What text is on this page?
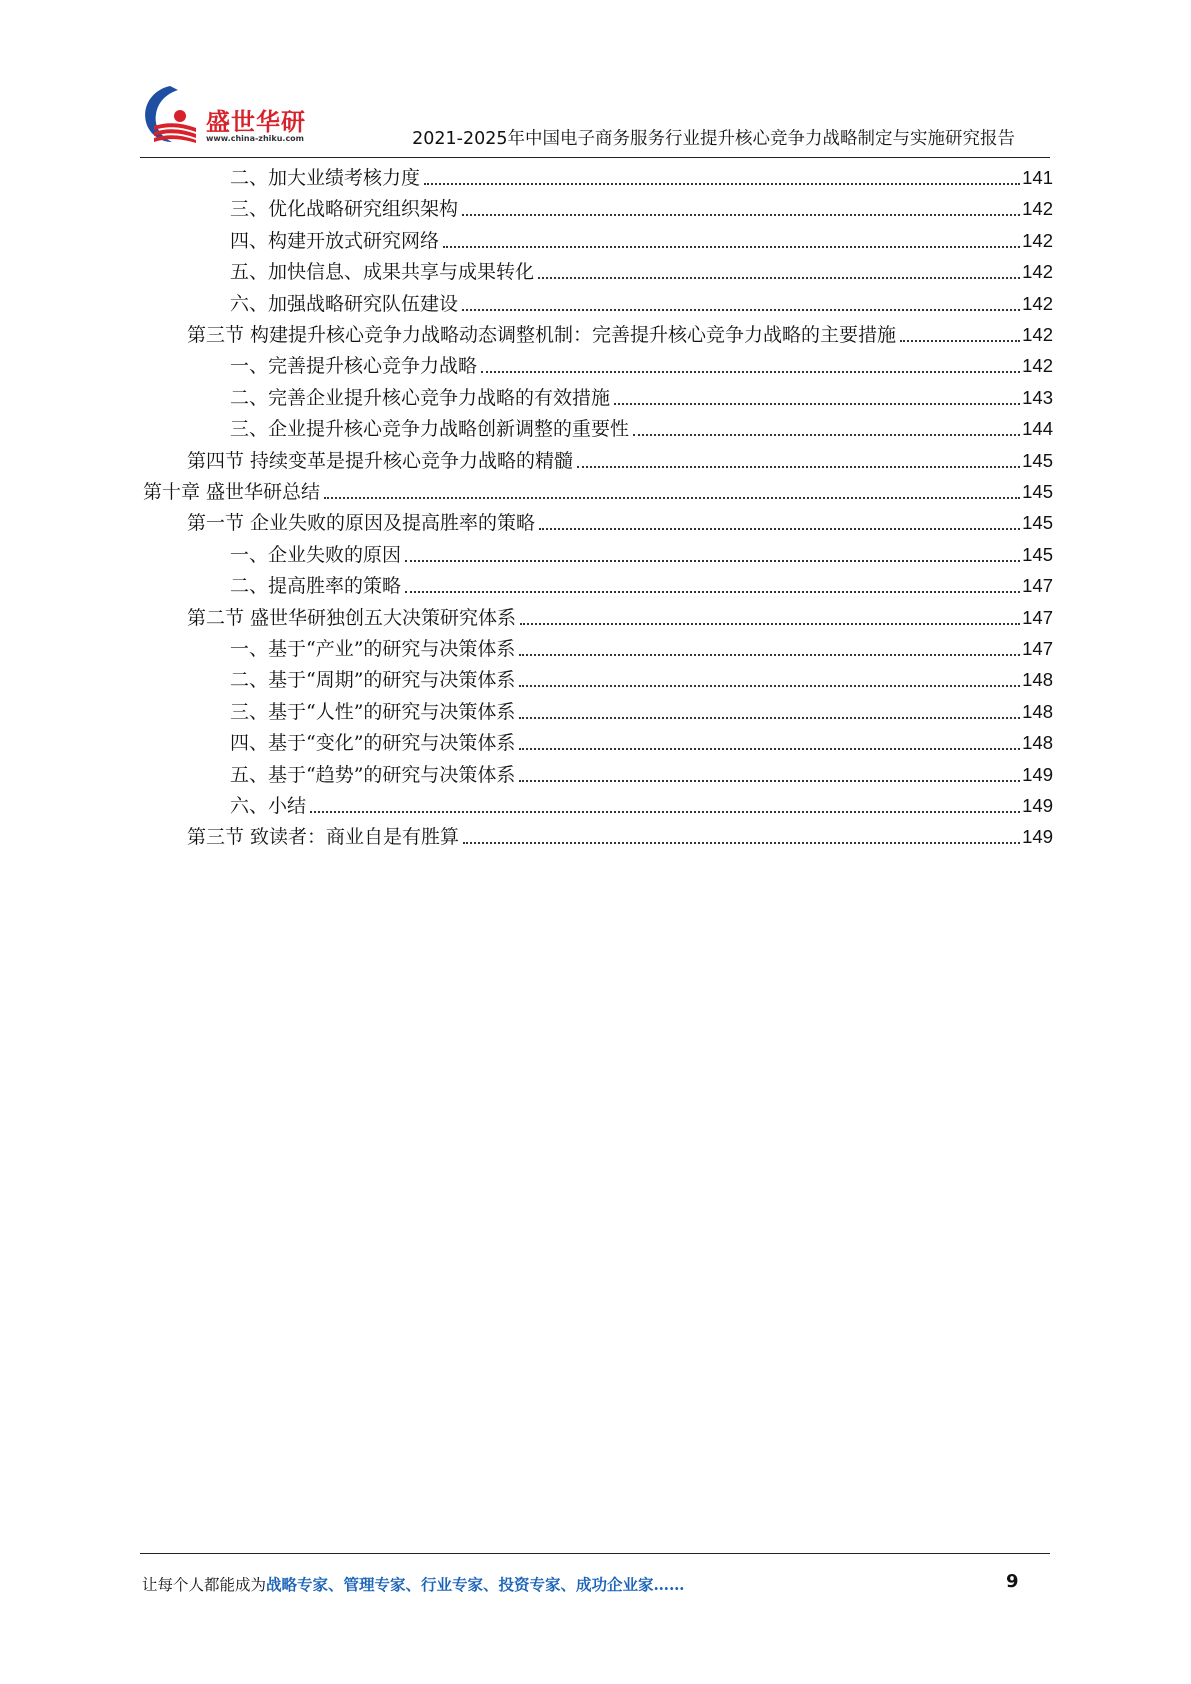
盛世华研
www.china-zhiku.com	2021-2025年中国电子商务服务行业提升核心竞争力战略制定与实施研究报告
二、加大业绩考核力度	141
三、优化战略研究组织架构	142
四、构建开放式研究网络	142
五、加快信息、成果共享与成果转化	142
六、加强战略研究队伍建设	142
第三节 构建提升核心竞争力战略动态调整机制：完善提升核心竞争力战略的主要措施	142
一、完善提升核心竞争力战略	142
二、完善企业提升核心竞争力战略的有效措施	143
三、企业提升核心竞争力战略创新调整的重要性	144
第四节 持续变革是提升核心竞争力战略的精髓	145
第十章 盛世华研总结	145
第一节 企业失败的原因及提高胜率的策略	145
一、企业失败的原因	145
二、提高胜率的策略	147
第二节 盛世华研独创五大决策研究体系	147
一、基于“产业”的研究与决策体系	147
二、基于“周期”的研究与决策体系	148
三、基于“人性”的研究与决策体系	148
四、基于“变化”的研究与决策体系	148
五、基于“趋势”的研究与决策体系	149
六、小结	149
第三节 致读者：商业自是有胜算	149
让每个人都能成为战略专家、管理专家、行业专家、投资专家、成功企业家……	9
